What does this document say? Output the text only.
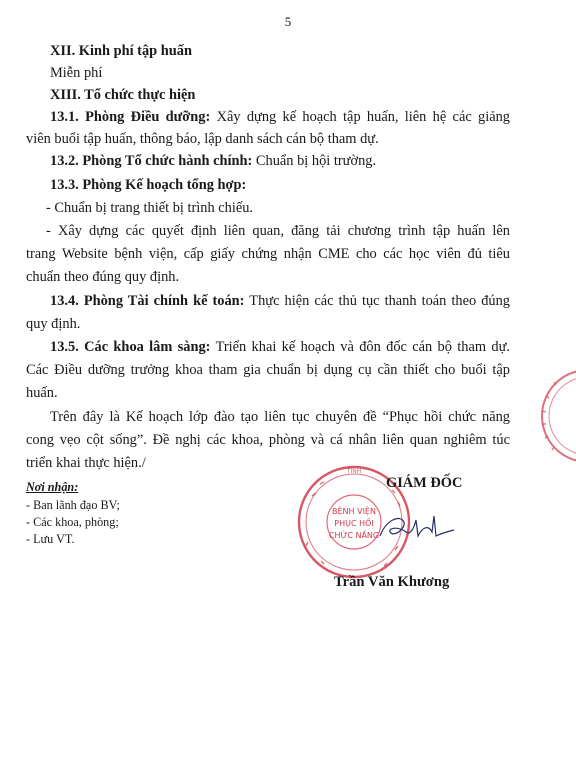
5
XII. Kinh phí tập huấn
Miễn phí
XIII. Tổ chức thực hiện
13.1. Phòng Điều dưỡng: Xây dựng kế hoạch tập huấn, liên hệ các giảng
viên buổi tập huấn, thông báo, lập danh sách cán bộ tham dự.
13.2. Phòng Tổ chức hành chính: Chuẩn bị hội trường.
13.3. Phòng Kế hoạch tổng hợp:
- Chuẩn bị trang thiết bị trình chiếu.
- Xây dựng các quyết định liên quan, đăng tải chương trình tập huấn lên
trang Website bệnh viện, cấp giấy chứng nhận CME cho các học viên đủ tiêu
chuẩn theo đúng quy định.
13.4. Phòng Tài chính kế toán: Thực hiện các thủ tục thanh toán theo đúng
quy định.
13.5. Các khoa lâm sàng: Triển khai kế hoạch và đôn đốc cán bộ tham dự.
Các Điều dưỡng trưởng khoa tham gia chuẩn bị dụng cụ cần thiết cho buổi tập
huấn.
Trên đây là Kế hoạch lớp đào tạo liên tục chuyên đề “Phục hồi chức năng
cong vẹo cột sống”. Đề nghị các khoa, phòng và cá nhân liên quan nghiêm túc
triển khai thực hiện./
Nơi nhận:
- Ban lãnh đạo BV;
- Các khoa, phòng;
- Lưu VT.
TỈNH
BỆNH VIỆN
PHỤC HỒI
CHỨC NĂNG
·	·
GIÁM ĐỐC
Trần Văn Khương
